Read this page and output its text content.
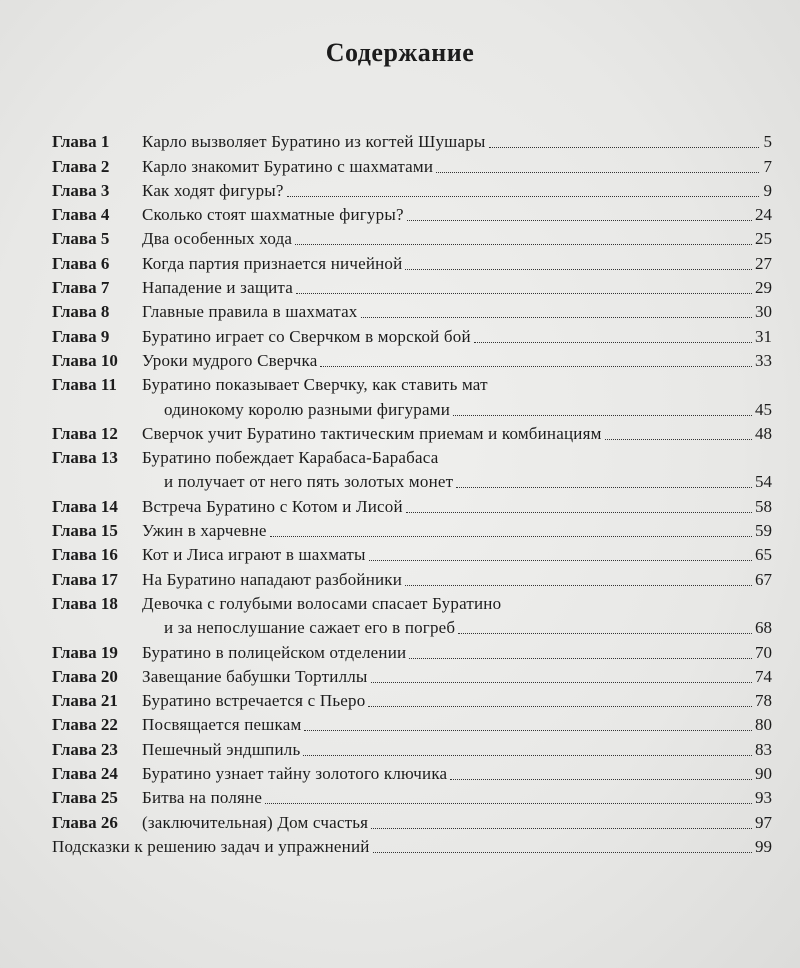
Содержание
Глава 1	Карло вызволяет Буратино из когтей Шушары	5
Глава 2	Карло знакомит Буратино с шахматами	7
Глава 3	Как ходят фигуры?	9
Глава 4	Сколько стоят шахматные фигуры?	24
Глава 5	Два особенных хода	25
Глава 6	Когда партия признается ничейной	27
Глава 7	Нападение и защита	29
Глава 8	Главные правила в шахматах	30
Глава 9	Буратино играет со Сверчком в морской бой	31
Глава 10	Уроки мудрого Сверчка	33
Глава 11	Буратино показывает Сверчку, как ставить мат
одинокому королю разными фигурами	45
Глава 12	Сверчок учит Буратино тактическим приемам и комбинациям	48
Глава 13	Буратино побеждает Карабаса-Барабаса
и получает от него пять золотых монет	54
Глава 14	Встреча Буратино с Котом и Лисой	58
Глава 15	Ужин в харчевне	59
Глава 16	Кот и Лиса играют в шахматы	65
Глава 17	На Буратино нападают разбойники	67
Глава 18	Девочка с голубыми волосами спасает Буратино
и за непослушание сажает его в погреб	68
Глава 19	Буратино в полицейском отделении	70
Глава 20	Завещание бабушки Тортиллы	74
Глава 21	Буратино встречается с Пьеро	78
Глава 22	Посвящается пешкам	80
Глава 23	Пешечный эндшпиль	83
Глава 24	Буратино узнает тайну золотого ключика	90
Глава 25	Битва на поляне	93
Глава 26	(заключительная) Дом счастья	97
Подсказки к решению задач и упражнений	99
